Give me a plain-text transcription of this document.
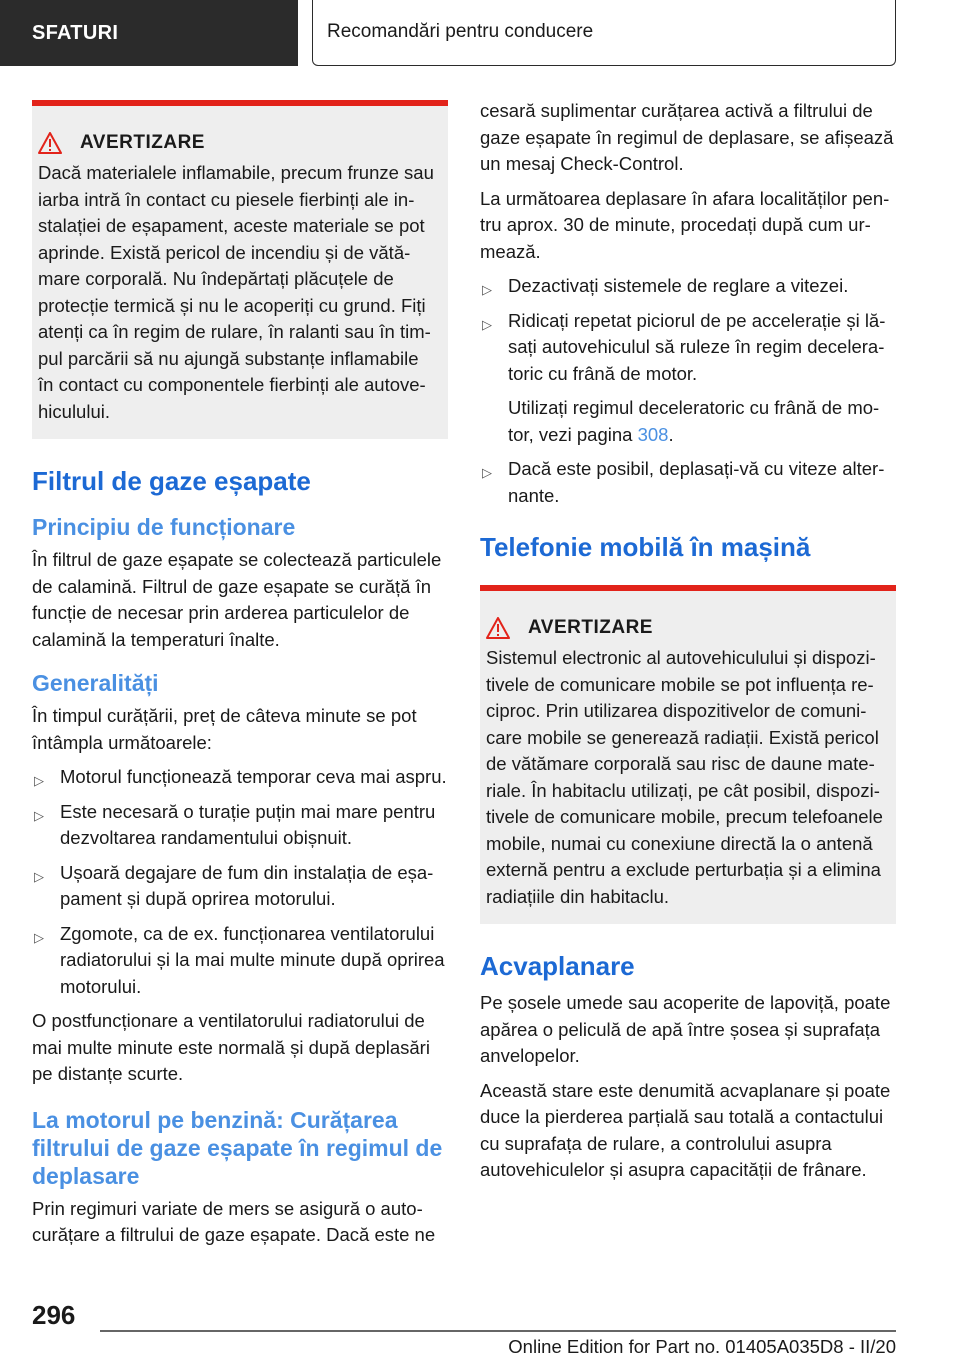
SFATURI	Recomandări pentru conducere
AVERTIZARE
Dacă materialele inflamabile, precum frunze sau iarba intră în contact cu piesele fierbinți ale instalației de eșapament, aceste materiale se pot aprinde. Există pericol de incendiu și de vătămare corporală. Nu îndepărtați plăcuțele de protecție termică și nu le acoperiți cu grund. Fiți atenți ca în regim de rulare, în ralanti sau în timpul parcării să nu ajungă substanțe inflamabile în contact cu componentele fierbinți ale autovehiculului.
Filtrul de gaze eșapate
Principiu de funcționare

În filtrul de gaze eșapate se colectează particulele de calamină. Filtrul de gaze eșapate se curăță în funcție de necesar prin arderea particulelor de calamină la temperaturi înalte.

Generalități

În timpul curățării, preț de câteva minute se pot întâmpla următoarele:

▷ Motorul funcționează temporar ceva mai aspru.
▷ Este necesară o turație puțin mai mare pentru dezvoltarea randamentului obișnuit.
▷ Ușoară degajare de fum din instalația de eșapament și după oprirea motorului.
▷ Zgomote, ca de ex. funcționarea ventilatorului radiatorului și la mai multe minute după oprirea motorului.

O postfuncționare a ventilatorului radiatorului de mai multe minute este normală și după deplasări pe distanțe scurte.

La motorul pe benzină: Curățarea filtrului de gaze eșapate în regimul de deplasare

Prin regimuri variate de mers se asigură o autocurățare a filtrului de gaze eșapate. Dacă este ne

cesară suplimentar curățarea activă a filtrului de gaze eșapate în regimul de deplasare, se afișează un mesaj Check-Control.

La următoarea deplasare în afara localităților pentru aprox. 30 de minute, procedați după cum urmează.

▷ Dezactivați sistemele de reglare a vitezei.
▷ Ridicați repetat piciorul de pe accelerație și lăsați autovehiculul să ruleze în regim deceleratoric cu frână de motor.
Utilizați regimul deceleratoric cu frână de motor, vezi pagina 308.
▷ Dacă este posibil, deplasați-vă cu viteze alternante.
Telefonie mobilă în mașină
AVERTIZARE
Sistemul electronic al autovehiculului și dispozitivele de comunicare mobile se pot influența reciproc. Prin utilizarea dispozitivelor de comunicare mobile se generează radiații. Există pericol de vătămare corporală sau risc de daune materiale. În habitaclu utilizați, pe cât posibil, dispozitivele de comunicare mobile, precum telefoanele mobile, numai cu conexiune directă la o antenă externă pentru a exclude perturbația și a elimina radiațiile din habitaclu.
Acvaplanare

Pe șosele umede sau acoperite de lapoviță, poate apărea o peliculă de apă între șosea și suprafața anvelopelor.

Această stare este denumită acvaplanare și poate duce la pierderea parțială sau totală a contactului cu suprafața de rulare, a controlului asupra autovehiculelor și asupra capacității de frânare.

296
Online Edition for Part no. 01405A035D8 - II/20
